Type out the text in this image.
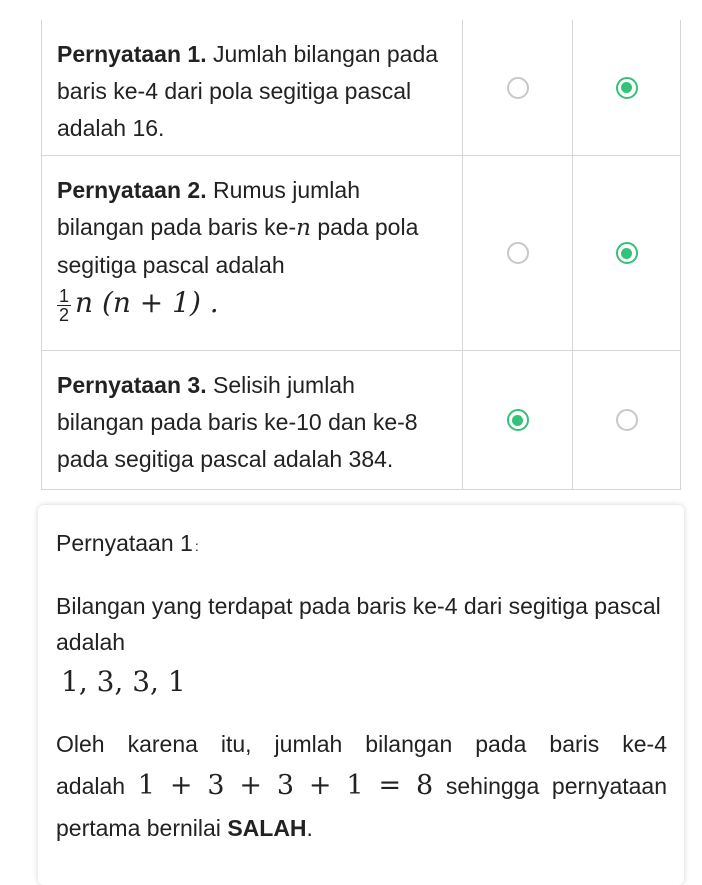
Pernyataan 1. Jumlah bilangan pada baris ke-4 dari pola segitiga pascal adalah 16.
Pernyataan 2. Rumus jumlah bilangan pada baris ke-n pada pola segitiga pascal adalah

$\frac{1}{2}$ n (n + 1) .
Pernyataan 3. Selisih jumlah bilangan pada baris ke-10 dan ke-8 pada segitiga pascal adalah 384.

Pernyataan 1 :

Bilangan yang terdapat pada baris ke-4 dari segitiga pascal adalah

1, 3, 3, 1

Oleh karena itu, jumlah bilangan pada baris ke-4

adalah 1 + 3 + 3 + 1 = 8 sehingga pernyataan

pertama bernilai SALAH.
